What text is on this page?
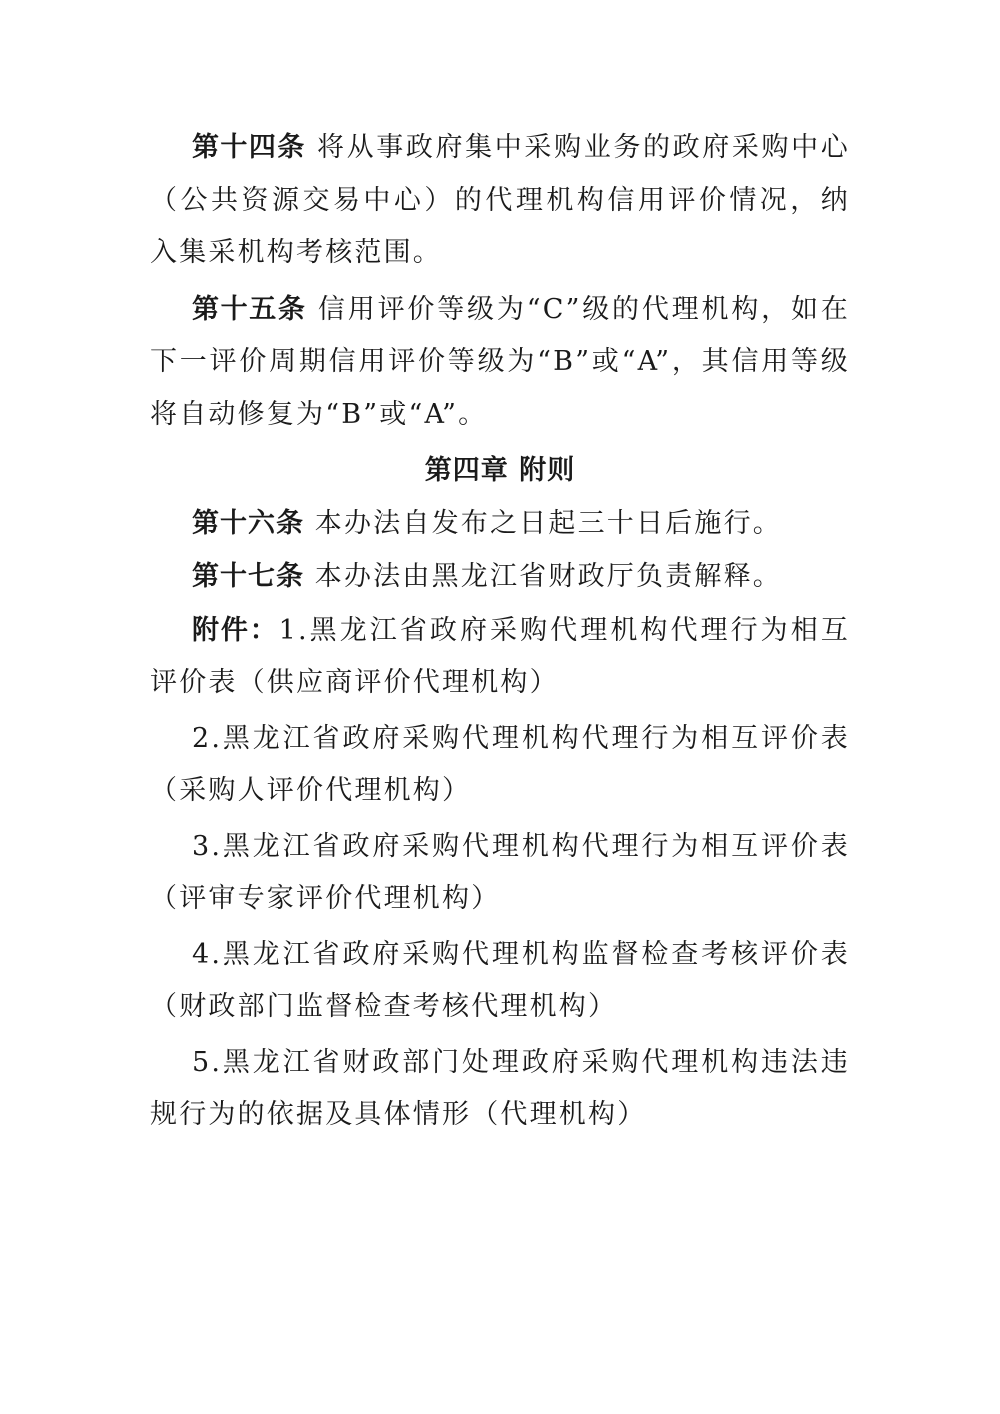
第十四条 将从事政府集中采购业务的政府采购中心（公共资源交易中心）的代理机构信用评价情况，纳入集采机构考核范围。

第十五条 信用评价等级为“C”级的代理机构，如在下一评价周期信用评价等级为“B”或“A”，其信用等级将自动修复为“B”或“A”。

第四章 附则

第十六条 本办法自发布之日起三十日后施行。

第十七条 本办法由黑龙江省财政厅负责解释。

附件：1.黑龙江省政府采购代理机构代理行为相互评价表（供应商评价代理机构）

2.黑龙江省政府采购代理机构代理行为相互评价表（采购人评价代理机构）

3.黑龙江省政府采购代理机构代理行为相互评价表（评审专家评价代理机构）

4.黑龙江省政府采购代理机构监督检查考核评价表 （财政部门监督检查考核代理机构）

5.黑龙江省财政部门处理政府采购代理机构违法违规行为的依据及具体情形（代理机构）
